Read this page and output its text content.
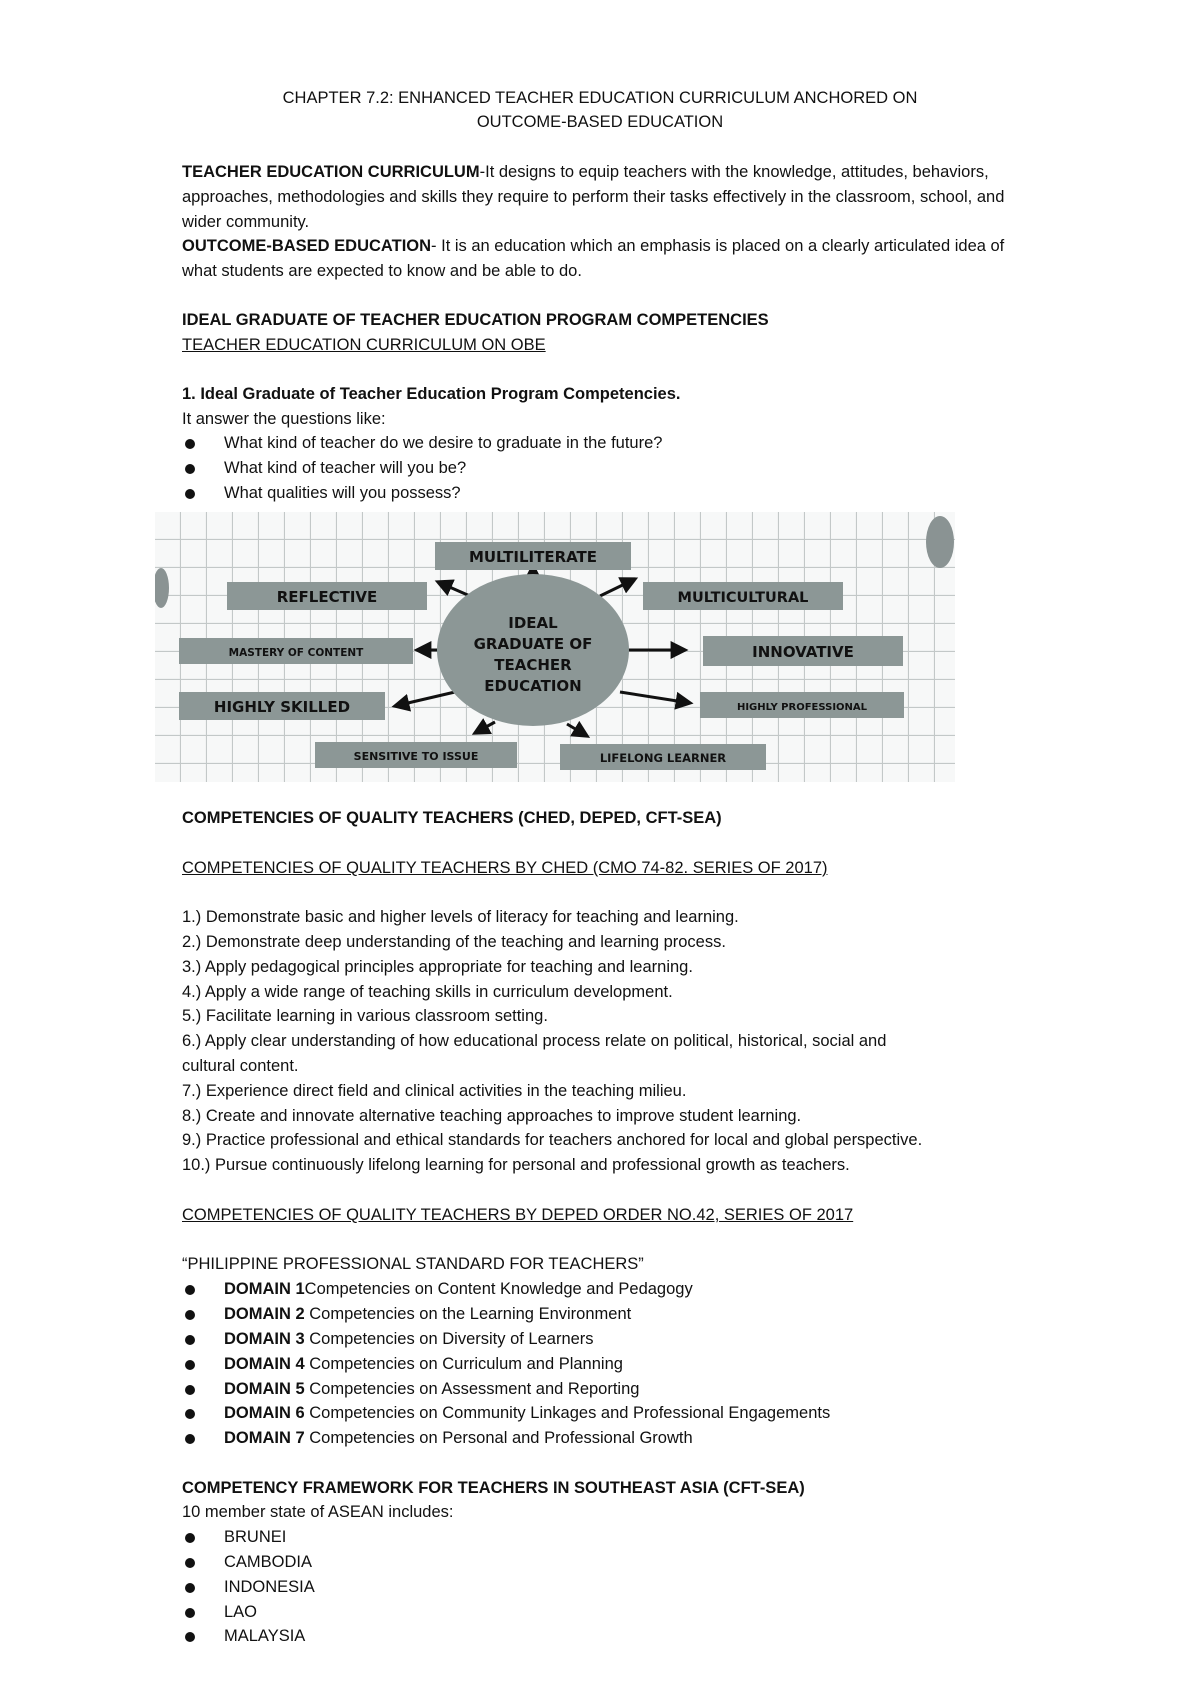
CHAPTER 7.2: ENHANCED TEACHER EDUCATION CURRICULUM ANCHORED ON
OUTCOME-BASED EDUCATION
TEACHER EDUCATION CURRICULUM-It designs to equip teachers with the knowledge, attitudes, behaviors, approaches, methodologies and skills they require to perform their tasks effectively in the classroom, school, and wider community.
OUTCOME-BASED EDUCATION- It is an education which an emphasis is placed on a clearly articulated idea of what students are expected to know and be able to do.
IDEAL GRADUATE OF TEACHER EDUCATION PROGRAM COMPETENCIES
TEACHER EDUCATION CURRICULUM ON OBE
1. Ideal Graduate of Teacher Education Program Competencies.
It answer the questions like:
What kind of teacher do we desire to graduate in the future?
What kind of teacher will you be?
What qualities will you possess?
IDEAL
GRADUATE OF
TEACHER
EDUCATION
MULTILITERATE
REFLECTIVE	MULTICULTURAL
MASTERY OF CONTENT	INNOVATIVE
HIGHLY SKILLED	HIGHLY PROFESSIONAL
SENSITIVE TO ISSUE	LIFELONG LEARNER
COMPETENCIES OF QUALITY TEACHERS (CHED, DEPED, CFT-SEA)
COMPETENCIES OF QUALITY TEACHERS BY CHED (CMO 74-82. SERIES OF 2017)
1.) Demonstrate basic and higher levels of literacy for teaching and learning.
2.) Demonstrate deep understanding of the teaching and learning process.
3.) Apply pedagogical principles appropriate for teaching and learning.
4.) Apply a wide range of teaching skills in curriculum development.
5.) Facilitate learning in various classroom setting.
6.) Apply clear understanding of how educational process relate on political, historical, social and
cultural content.
7.) Experience direct field and clinical activities in the teaching milieu.
8.) Create and innovate alternative teaching approaches to improve student learning.
9.) Practice professional and ethical standards for teachers anchored for local and global perspective.
10.) Pursue continuously lifelong learning for personal and professional growth as teachers.
COMPETENCIES OF QUALITY TEACHERS BY DEPED ORDER NO.42, SERIES OF 2017
“PHILIPPINE PROFESSIONAL STANDARD FOR TEACHERS”
DOMAIN 1Competencies on Content Knowledge and Pedagogy
DOMAIN 2 Competencies on the Learning Environment
DOMAIN 3 Competencies on Diversity of Learners
DOMAIN 4 Competencies on Curriculum and Planning
DOMAIN 5 Competencies on Assessment and Reporting
DOMAIN 6 Competencies on Community Linkages and Professional Engagements
DOMAIN 7 Competencies on Personal and Professional Growth
COMPETENCY FRAMEWORK FOR TEACHERS IN SOUTHEAST ASIA (CFT-SEA)
10 member state of ASEAN includes:
BRUNEI
CAMBODIA
INDONESIA
LAO
MALAYSIA
